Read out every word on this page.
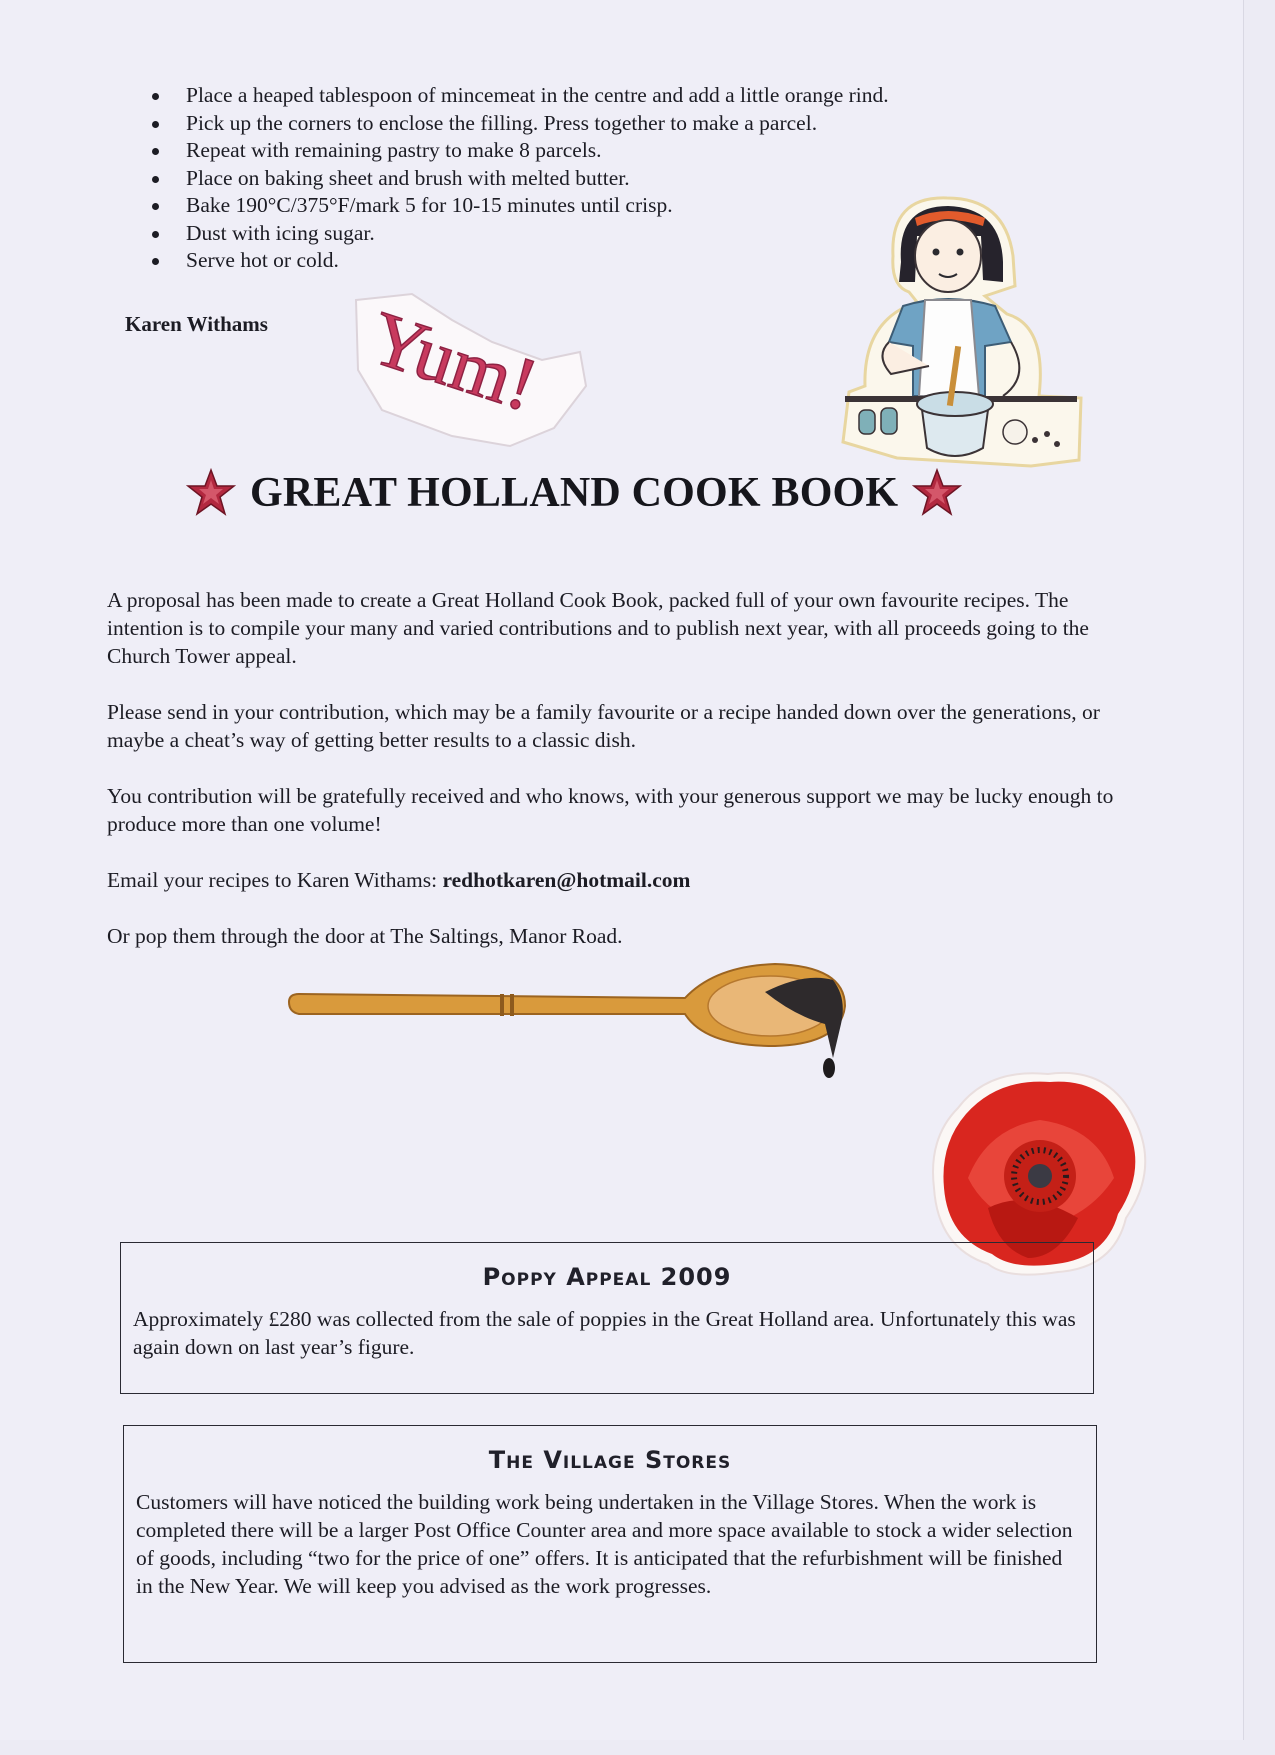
Place a heaped tablespoon of mincemeat in the centre and add a little orange rind.
Pick up the corners to enclose the filling. Press together to make a parcel.
Repeat with remaining pastry to make 8 parcels.
Place on baking sheet and brush with melted butter.
Bake 190°C/375°F/mark 5 for 10-15 minutes until crisp.
Dust with icing sugar.
Serve hot or cold.
Karen Withams Yum!
GREAT HOLLAND COOK BOOK

A proposal has been made to create a Great Holland Cook Book, packed full of your own favourite recipes. The intention is to compile your many and varied contributions and to publish next year, with all proceeds going to the Church Tower appeal.

Please send in your contribution, which may be a family favourite or a recipe handed down over the generations, or maybe a cheat’s way of getting better results to a classic dish.

You contribution will be gratefully received and who knows, with your generous support we may be lucky enough to produce more than one volume!

Email your recipes to Karen Withams: redhotkaren@hotmail.com

Or pop them through the door at The Saltings, Manor Road.

Poppy Appeal 2009

Approximately £280 was collected from the sale of poppies in the Great Holland area. Unfortunately this was again down on last year’s figure.

The Village Stores

Customers will have noticed the building work being undertaken in the Village Stores. When the work is completed there will be a larger Post Office Counter area and more space available to stock a wider selection of goods, including “two for the price of one” offers. It is anticipated that the refurbishment will be finished in the New Year. We will keep you advised as the work progresses.
